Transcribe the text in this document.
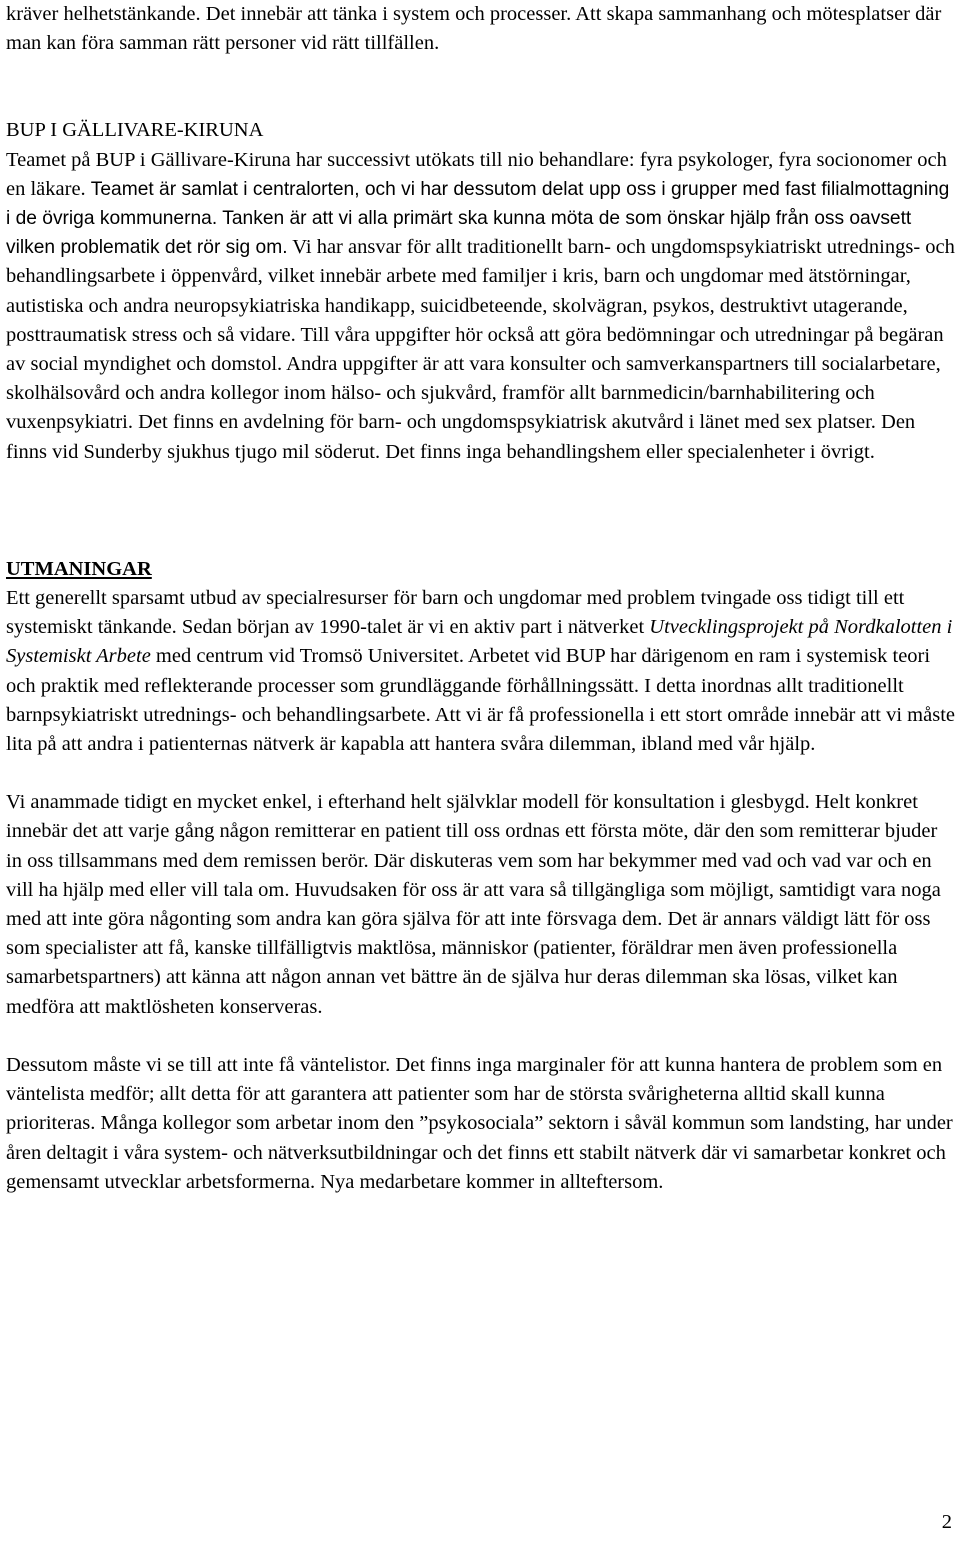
kräver helhetstänkande. Det innebär att tänka i system och processer. Att skapa sammanhang och mötesplatser där man kan föra samman rätt personer vid rätt tillfällen.

BUP I GÄLLIVARE-KIRUNA

Teamet på BUP i Gällivare-Kiruna har successivt utökats till nio behandlare: fyra psykologer, fyra socionomer och en läkare. Teamet är samlat i centralorten, och vi har dessutom delat upp oss i grupper med fast filialmottagning i de övriga kommunerna. Tanken är att vi alla primärt ska kunna möta de som önskar hjälp från oss oavsett vilken problematik det rör sig om. Vi har ansvar för allt traditionellt barn- och ungdomspsykiatriskt utrednings- och behandlingsarbete i öppenvård, vilket innebär arbete med familjer i kris, barn och ungdomar med ätstörningar, autistiska och andra neuropsykiatriska handikapp, suicidbeteende, skolvägran, psykos, destruktivt utagerande, posttraumatisk stress och så vidare. Till våra uppgifter hör också att göra bedömningar och utredningar på begäran av social myndighet och domstol. Andra uppgifter är att vara konsulter och samverkanspartners till socialarbetare, skolhälsovård och andra kollegor inom hälso- och sjukvård, framför allt barnmedicin/barnhabilitering och vuxenpsykiatri. Det finns en avdelning för barn- och ungdomspsykiatrisk akutvård i länet med sex platser. Den finns vid Sunderby sjukhus tjugo mil söderut. Det finns inga behandlingshem eller specialenheter i övrigt.

UTMANINGAR

Ett generellt sparsamt utbud av specialresurser för barn och ungdomar med problem tvingade oss tidigt till ett systemiskt tänkande. Sedan början av 1990-talet är vi en aktiv part i nätverket Utvecklingsprojekt på Nordkalotten i Systemiskt Arbete med centrum vid Tromsö Universitet. Arbetet vid BUP har därigenom en ram i systemisk teori och praktik med reflekterande processer som grundläggande förhållningssätt. I detta inordnas allt traditionellt barnpsykiatriskt utrednings- och behandlingsarbete. Att vi är få professionella i ett stort område innebär att vi måste lita på att andra i patienternas nätverk är kapabla att hantera svåra dilemman, ibland med vår hjälp.

Vi anammade tidigt en mycket enkel, i efterhand helt självklar modell för konsultation i glesbygd. Helt konkret innebär det att varje gång någon remitterar en patient till oss ordnas ett första möte, där den som remitterar bjuder in oss tillsammans med dem remissen berör. Där diskuteras vem som har bekymmer med vad och vad var och en vill ha hjälp med eller vill tala om. Huvudsaken för oss är att vara så tillgängliga som möjligt, samtidigt vara noga med att inte göra någonting som andra kan göra själva för att inte försvaga dem. Det är annars väldigt lätt för oss som specialister att få, kanske tillfälligtvis maktlösa, människor (patienter, föräldrar men även professionella samarbetspartners) att känna att någon annan vet bättre än de själva hur deras dilemman ska lösas, vilket kan medföra att maktlösheten konserveras.

Dessutom måste vi se till att inte få väntelistor. Det finns inga marginaler för att kunna hantera de problem som en väntelista medför; allt detta för att garantera att patienter som har de största svårigheterna alltid skall kunna prioriteras. Många kollegor som arbetar inom den ”psykosociala” sektorn i såväl kommun som landsting, har under åren deltagit i våra system- och nätverksutbildningar och det finns ett stabilt nätverk där vi samarbetar konkret och gemensamt utvecklar arbetsformerna. Nya medarbetare kommer in allteftersom.

2
